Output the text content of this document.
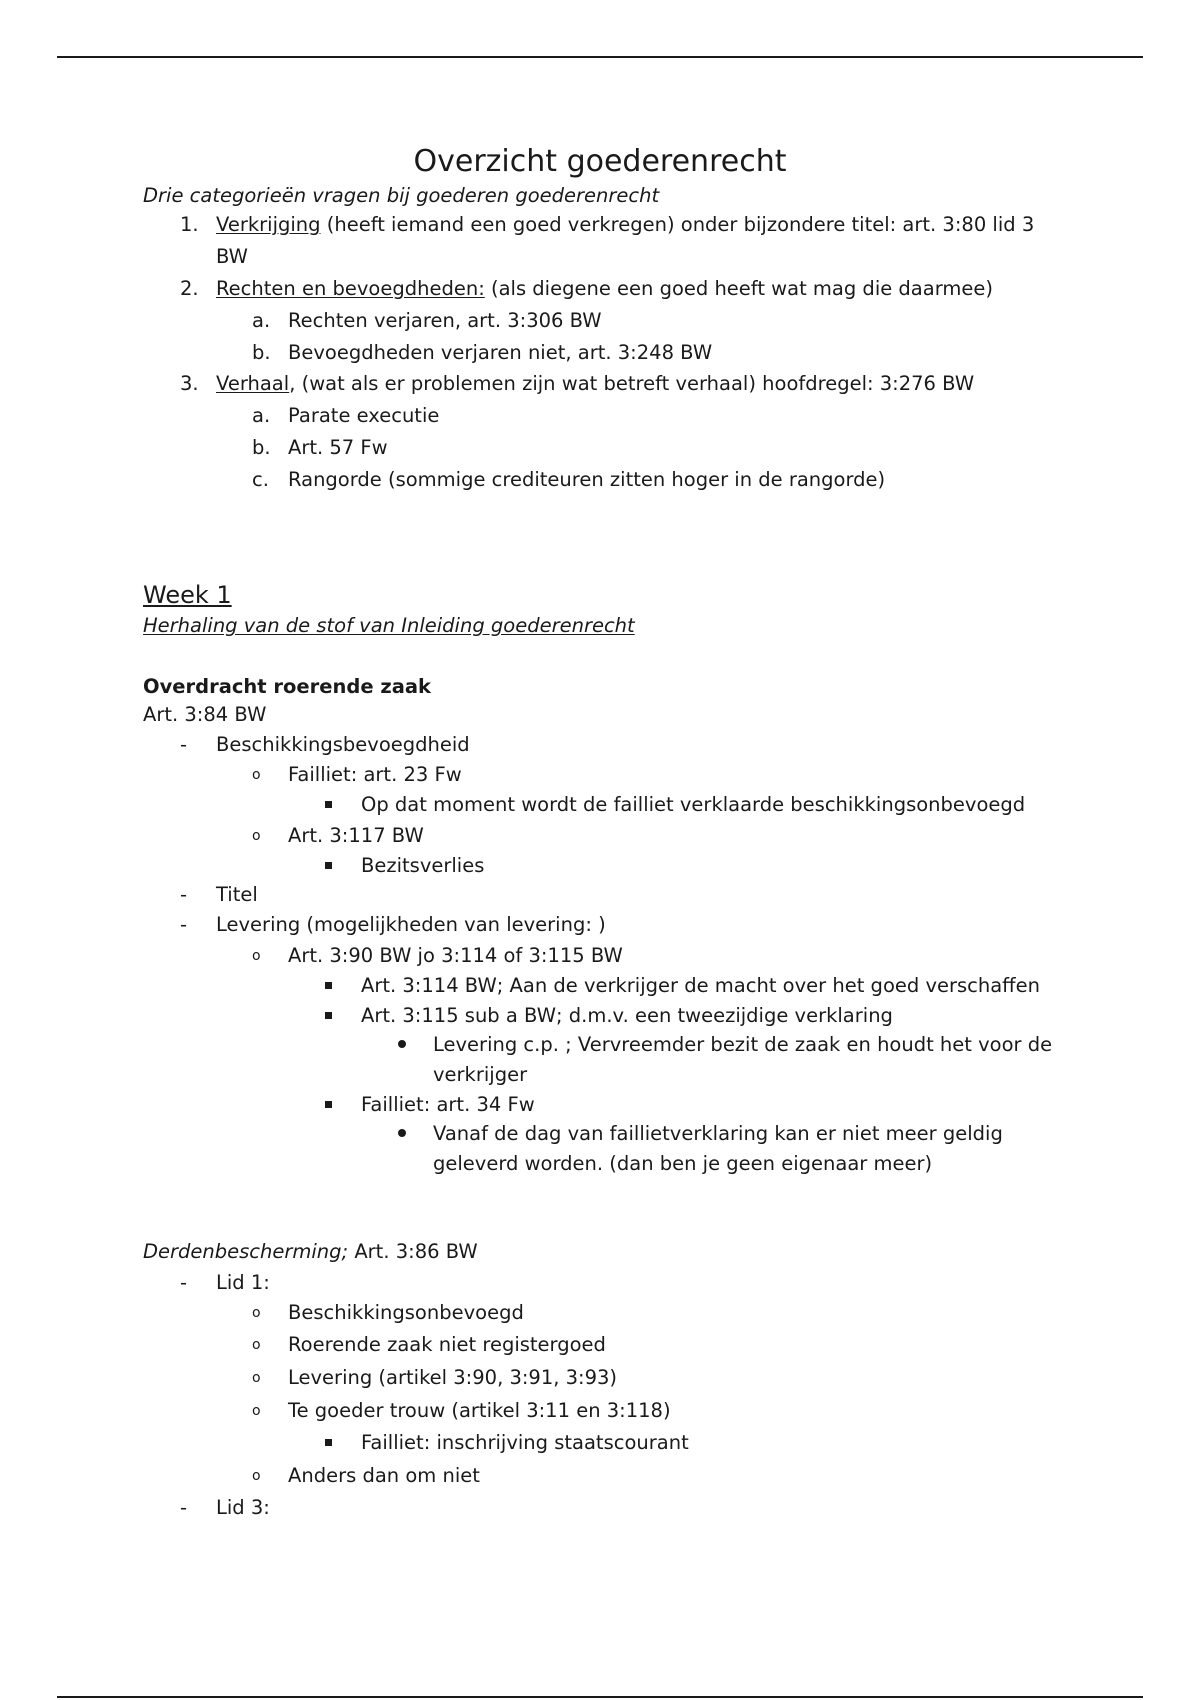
Overzicht goederenrecht
Drie categorieën vragen bij goederen goederenrecht
1. Verkrijging (heeft iemand een goed verkregen) onder bijzondere titel: art. 3:80 lid 3
BW
2. Rechten en bevoegdheden: (als diegene een goed heeft wat mag die daarmee)
a. Rechten verjaren, art. 3:306 BW
b. Bevoegdheden verjaren niet, art. 3:248 BW
3. Verhaal, (wat als er problemen zijn wat betreft verhaal) hoofdregel: 3:276 BW
a. Parate executie
b. Art. 57 Fw
c. Rangorde (sommige crediteuren zitten hoger in de rangorde)
Week 1
Herhaling van de stof van Inleiding goederenrecht
Overdracht roerende zaak
Art. 3:84 BW
- Beschikkingsbevoegdheid
o Failliet: art. 23 Fw
Op dat moment wordt de failliet verklaarde beschikkingsonbevoegd
o Art. 3:117 BW
Bezitsverlies
- Titel
- Levering (mogelijkheden van levering: )
o Art. 3:90 BW jo 3:114 of 3:115 BW
Art. 3:114 BW; Aan de verkrijger de macht over het goed verschaffen
Art. 3:115 sub a BW; d.m.v. een tweezijdige verklaring
Levering c.p. ; Vervreemder bezit de zaak en houdt het voor de
verkrijger
Failliet: art. 34 Fw
Vanaf de dag van faillietverklaring kan er niet meer geldig
geleverd worden. (dan ben je geen eigenaar meer)
Derdenbescherming; Art. 3:86 BW
- Lid 1:
o Beschikkingsonbevoegd
o Roerende zaak niet registergoed
o Levering (artikel 3:90, 3:91, 3:93)
o Te goeder trouw (artikel 3:11 en 3:118)
Failliet: inschrijving staatscourant
o Anders dan om niet
- Lid 3:
